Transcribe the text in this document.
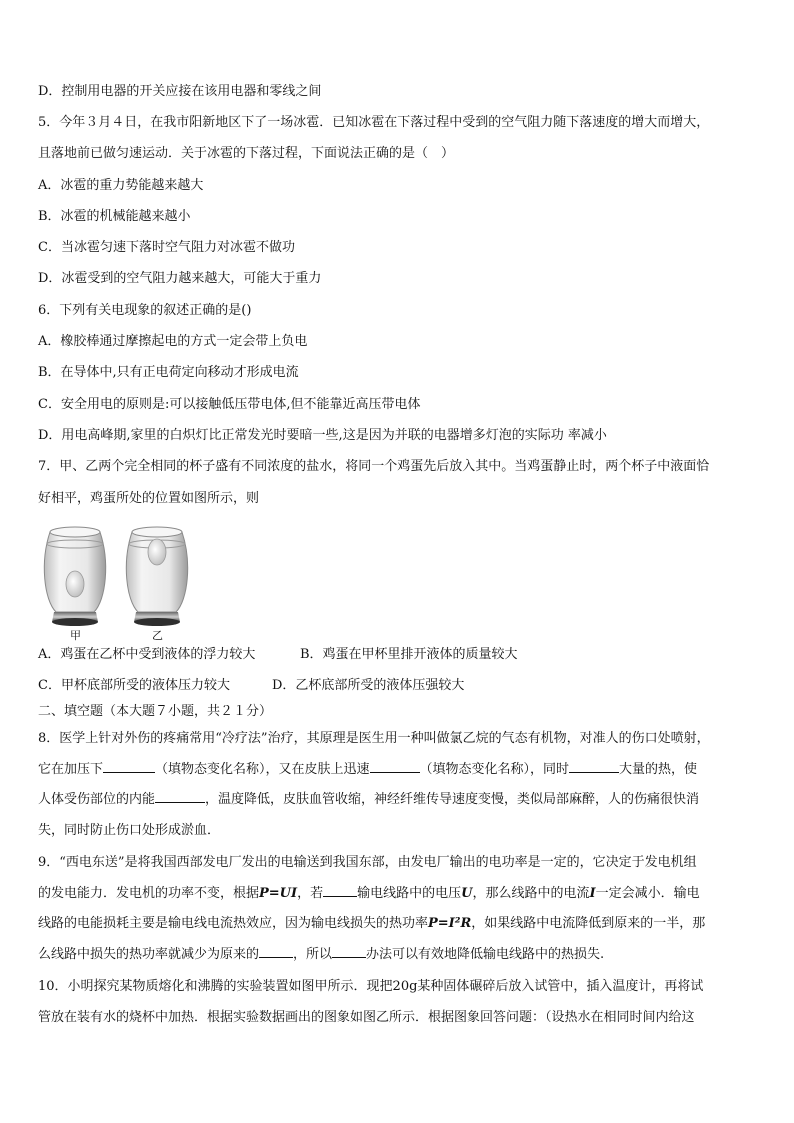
D．控制用电器的开关应接在该用电器和零线之间
5．今年３月４日，在我市阳新地区下了一场冰雹．已知冰雹在下落过程中受到的空气阻力随下落速度的增大而增大，
且落地前已做匀速运动．关于冰雹的下落过程，下面说法正确的是（　）
A．冰雹的重力势能越来越大
B．冰雹的机械能越来越小
C．当冰雹匀速下落时空气阻力对冰雹不做功
D．冰雹受到的空气阻力越来越大，可能大于重力
6．下列有关电现象的叙述正确的是()
A．橡胶棒通过摩擦起电的方式一定会带上负电
B．在导体中,只有正电荷定向移动才形成电流
C．安全用电的原则是:可以接触低压带电体,但不能靠近高压带电体
D．用电高峰期,家里的白炽灯比正常发光时要暗一些,这是因为并联的电器增多灯泡的实际功 率减小
7．甲、乙两个完全相同的杯子盛有不同浓度的盐水，将同一个鸡蛋先后放入其中。当鸡蛋静止时，两个杯子中液面恰
好相平，鸡蛋所处的位置如图所示，则
甲	乙
A．鸡蛋在乙杯中受到液体的浮力较大	B．鸡蛋在甲杯里排开液体的质量较大
C．甲杯底部所受的液体压力较大	D．乙杯底部所受的液体压强较大
二、填空题（本大题７小题，共２１分）

8．医学上针对外伤的疼痛常用“冷疗法”治疗，其原理是医生用一种叫做氯乙烷的气态有机物，对准人的伤口处喷射，

它在加压下	（填物态变化名称），又在皮肤上迅速	（填物态变化名称），同时	大量的热，使

人体受伤部位的内能	，温度降低，皮肤血管收缩，神经纤维传导速度变慢，类似局部麻醉，人的伤痛很快消

失，同时防止伤口处形成淤血．

9．“西电东送”是将我国西部发电厂发出的电输送到我国东部，由发电厂输出的电功率是一定的，它决定于发电机组

的发电能力．发电机的功率不变，根据P=UI，若	输电线路中的电压U，那么线路中的电流I一定会减小．输电

线路的电能损耗主要是输电线电流热效应，因为输电线损失的热功率P=I²R，如果线路中电流降低到原来的一半，那

么线路中损失的热功率就减少为原来的	，所以	办法可以有效地降低输电线路中的热损失.

10．小明探究某物质熔化和沸腾的实验装置如图甲所示．现把20g某种固体碾碎后放入试管中，插入温度计，再将试

管放在装有水的烧杯中加热．根据实验数据画出的图象如图乙所示．根据图象回答问题：（设热水在相同时间内给这
